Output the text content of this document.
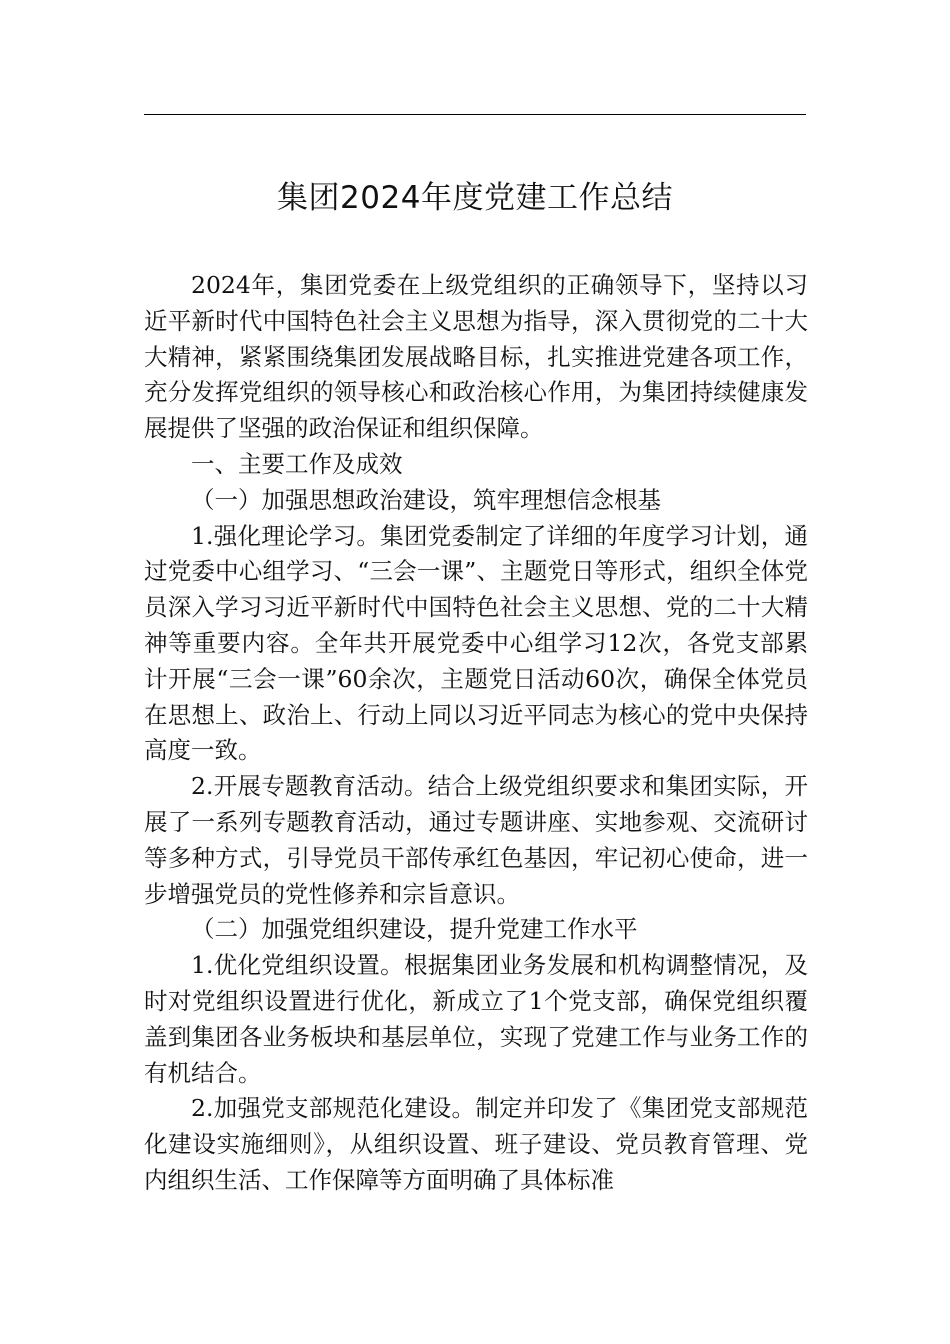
集团2024年度党建工作总结

2024年，集团党委在上级党组织的正确领导下，坚持以习近平新时代中国特色社会主义思想为指导，深入贯彻党的二十大大精神，紧紧围绕集团发展战略目标，扎实推进党建各项工作，充分发挥党组织的领导核心和政治核心作用，为集团持续健康发展提供了坚强的政治保证和组织保障。

一、主要工作及成效

（一）加强思想政治建设，筑牢理想信念根基

1.强化理论学习。集团党委制定了详细的年度学习计划，通过党委中心组学习、“三会一课”、主题党日等形式，组织全体党员深入学习习近平新时代中国特色社会主义思想、党的二十大精神等重要内容。全年共开展党委中心组学习12次，各党支部累计开展“三会一课”60余次，主题党日活动60次，确保全体党员在思想上、政治上、行动上同以习近平同志为核心的党中央保持高度一致。

2.开展专题教育活动。结合上级党组织要求和集团实际，开展了一系列专题教育活动，通过专题讲座、实地参观、交流研讨等多种方式，引导党员干部传承红色基因，牢记初心使命，进一步增强党员的党性修养和宗旨意识。

（二）加强党组织建设，提升党建工作水平

1.优化党组织设置。根据集团业务发展和机构调整情况，及时对党组织设置进行优化，新成立了1个党支部，确保党组织覆盖到集团各业务板块和基层单位，实现了党建工作与业务工作的有机结合。

2.加强党支部规范化建设。制定并印发了《集团党支部规范化建设实施细则》，从组织设置、班子建设、党员教育管理、党内组织生活、工作保障等方面明确了具体标准
